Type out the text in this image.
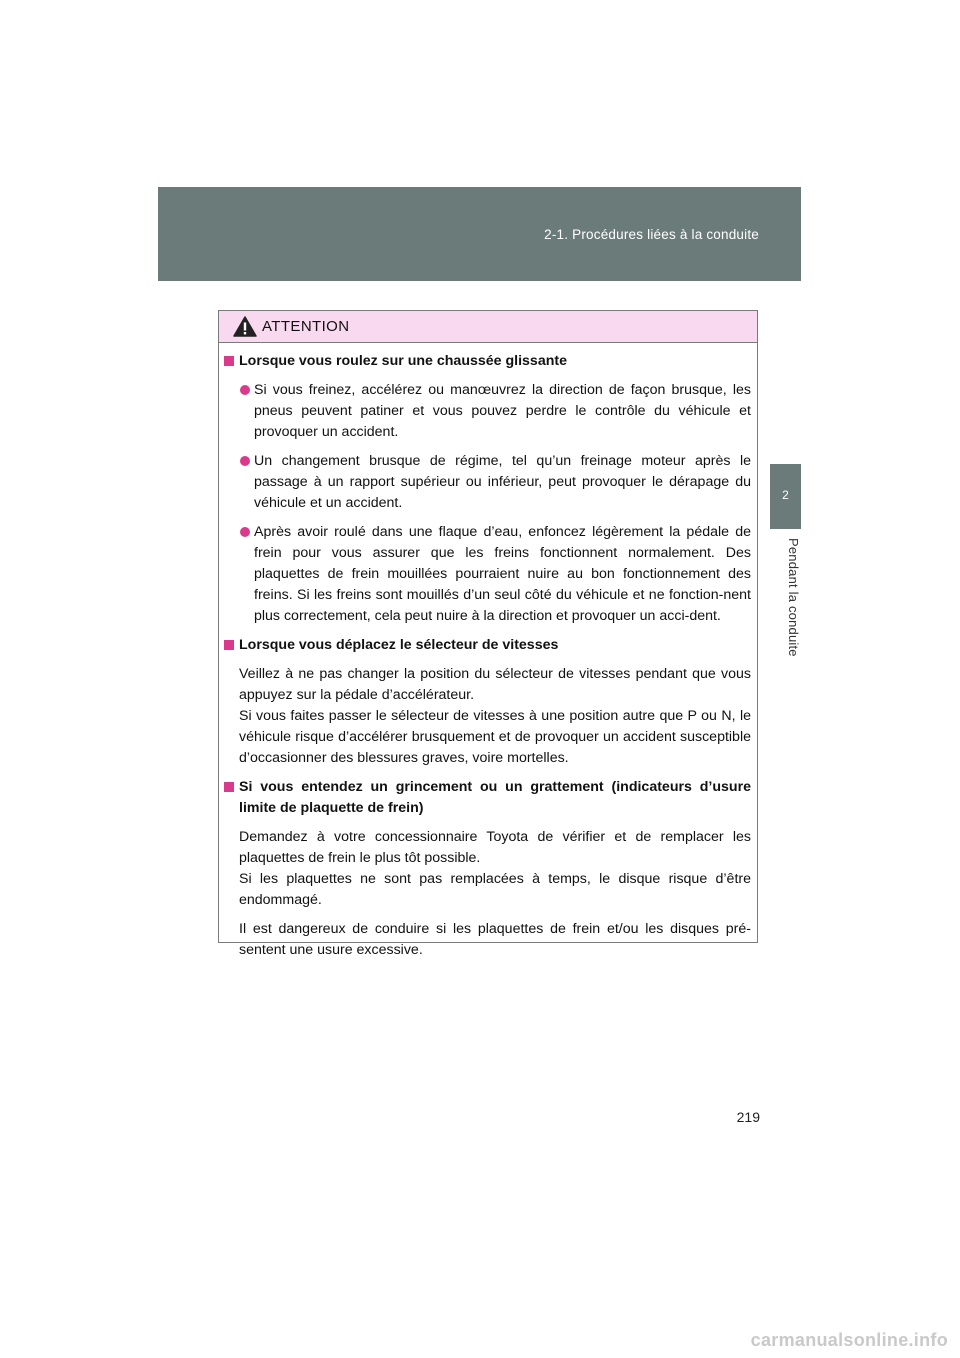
2-1. Procédures liées à la conduite
2
Pendant la conduite
ATTENTION
Lorsque vous roulez sur une chaussée glissante
Si vous freinez, accélérez ou manœuvrez la direction de façon brusque, les pneus peuvent patiner et vous pouvez perdre le contrôle du véhicule et provoquer un accident.
Un changement brusque de régime, tel qu’un freinage moteur après le passage à un rapport supérieur ou inférieur, peut provoquer le dérapage du véhicule et un accident.
Après avoir roulé dans une flaque d’eau, enfoncez légèrement la pédale de frein pour vous assurer que les freins fonctionnent normalement. Des plaquettes de frein mouillées pourraient nuire au bon fonctionnement des freins. Si les freins sont mouillés d’un seul côté du véhicule et ne fonction-nent plus correctement, cela peut nuire à la direction et provoquer un acci-dent.
Lorsque vous déplacez le sélecteur de vitesses
Veillez à ne pas changer la position du sélecteur de vitesses pendant que vous appuyez sur la pédale d’accélérateur.
Si vous faites passer le sélecteur de vitesses à une position autre que P ou N, le véhicule risque d’accélérer brusquement et de provoquer un accident susceptible d’occasionner des blessures graves, voire mortelles.
Si vous entendez un grincement ou un grattement (indicateurs d’usure limite de plaquette de frein)
Demandez à votre concessionnaire Toyota de vérifier et de remplacer les plaquettes de frein le plus tôt possible.
Si les plaquettes ne sont pas remplacées à temps, le disque risque d’être endommagé.
Il est dangereux de conduire si les plaquettes de frein et/ou les disques pré-sentent une usure excessive.
219
carmanualsonline.info
